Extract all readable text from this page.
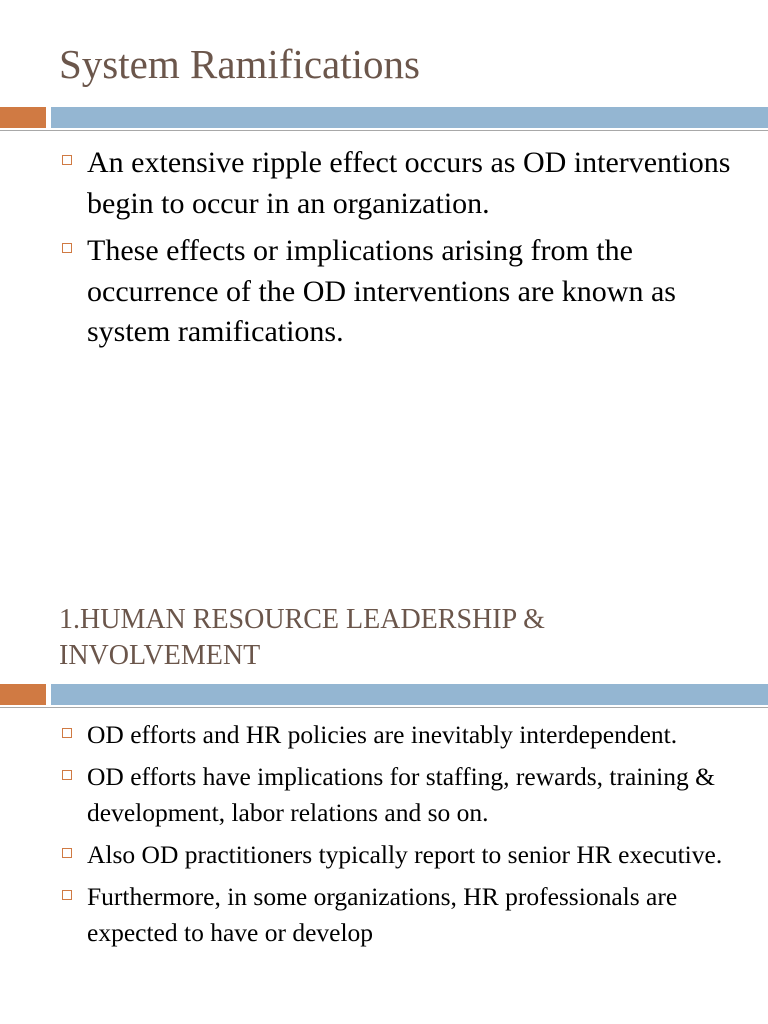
System Ramifications
An extensive ripple effect occurs as OD interventions begin to occur in an organization.
These effects or implications arising from the occurrence of the OD interventions are known as system ramifications.
1.HUMAN RESOURCE LEADERSHIP & INVOLVEMENT
OD efforts and HR policies are inevitably interdependent.
OD efforts have implications for staffing, rewards, training & development, labor relations and so on.
Also OD practitioners typically report to senior HR executive.
Furthermore, in some organizations, HR professionals are expected to have or develop
